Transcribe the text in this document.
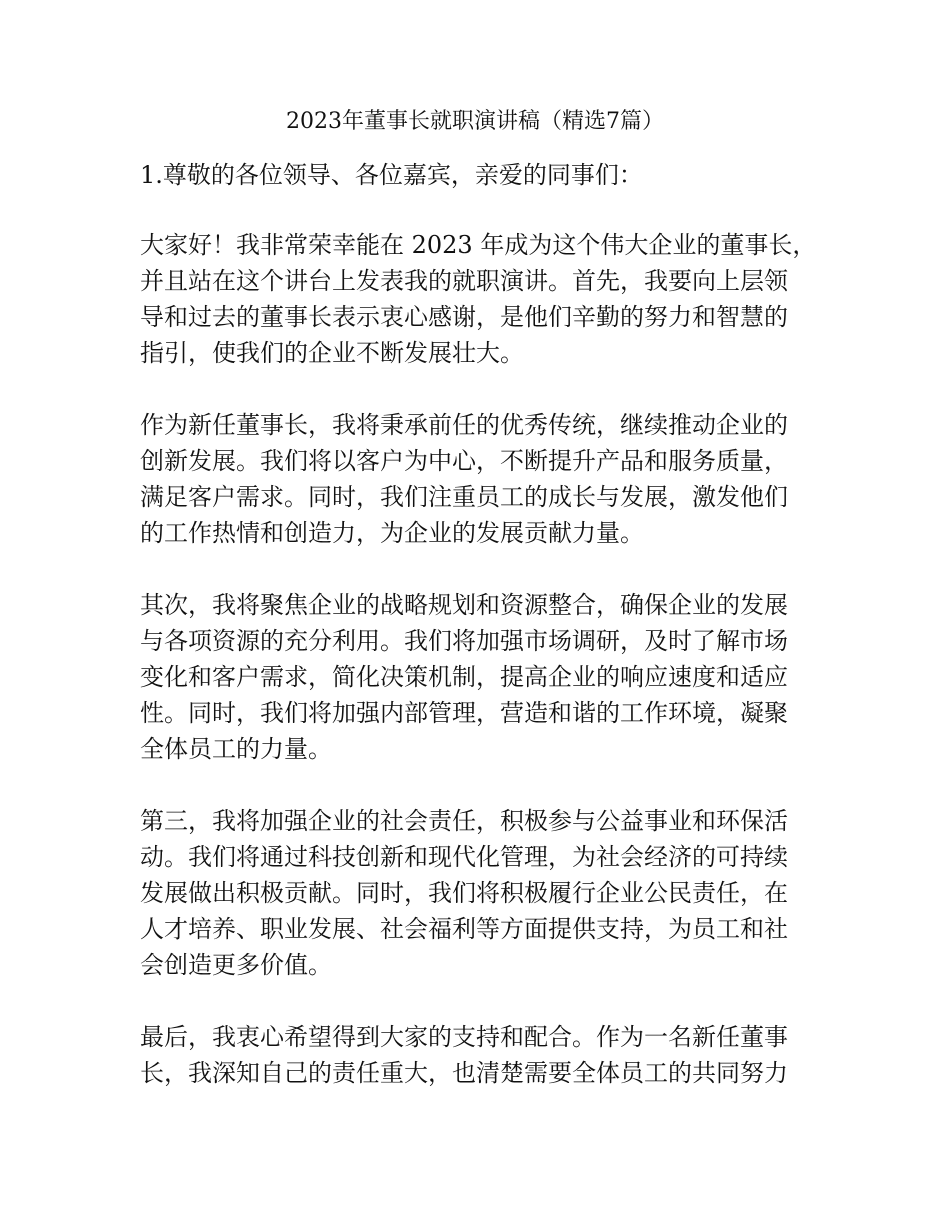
2023年董事长就职演讲稿（精选7篇）

1.尊敬的各位领导、各位嘉宾，亲爱的同事们：

大家好！我非常荣幸能在 2023 年成为这个伟大企业的董事长，
并且站在这个讲台上发表我的就职演讲。首先，我要向上层领
导和过去的董事长表示衷心感谢，是他们辛勤的努力和智慧的
指引，使我们的企业不断发展壮大。
作为新任董事长，我将秉承前任的优秀传统，继续推动企业的
创新发展。我们将以客户为中心，不断提升产品和服务质量，
满足客户需求。同时，我们注重员工的成长与发展，激发他们
的工作热情和创造力，为企业的发展贡献力量。
其次，我将聚焦企业的战略规划和资源整合，确保企业的发展
与各项资源的充分利用。我们将加强市场调研，及时了解市场
变化和客户需求，简化决策机制，提高企业的响应速度和适应
性。同时，我们将加强内部管理，营造和谐的工作环境，凝聚
全体员工的力量。
第三，我将加强企业的社会责任，积极参与公益事业和环保活
动。我们将通过科技创新和现代化管理，为社会经济的可持续
发展做出积极贡献。同时，我们将积极履行企业公民责任，在
人才培养、职业发展、社会福利等方面提供支持，为员工和社
会创造更多价值。
最后，我衷心希望得到大家的支持和配合。作为一名新任董事
长，我深知自己的责任重大，也清楚需要全体员工的共同努力
